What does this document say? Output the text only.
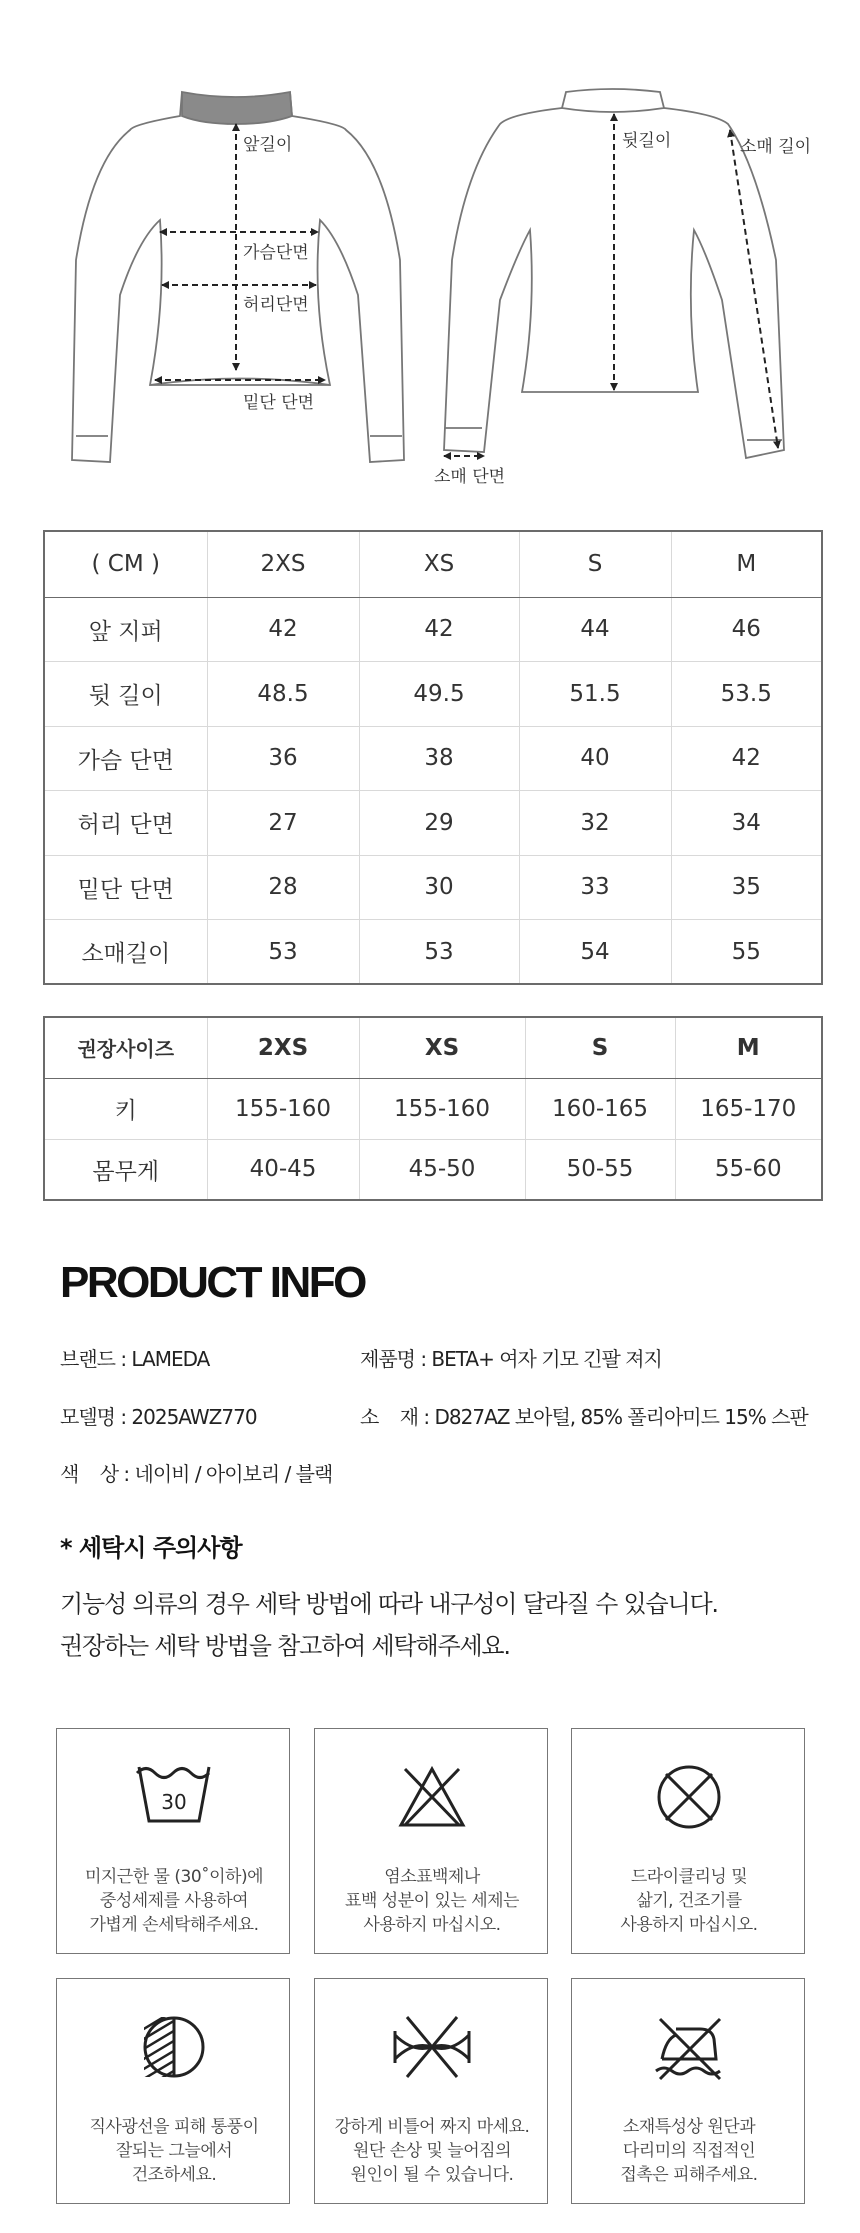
앞길이
가슴단면
허리단면
밑단 단면
뒷길이	소매 길이
소매 단면
( CM )	2XS	XS	S	M
앞 지퍼	42	42	44	46
뒷 길이	48.5	49.5	51.5	53.5
가슴 단면	36	38	40	42
허리 단면	27	29	32	34
밑단 단면	28	30	33	35
소매길이	53	53	54	55
권장사이즈	2XS	XS	S	M
키	155-160	155-160	160-165	165-170
몸무게	40-45	45-50	50-55	55-60
PRODUCT INFO
브랜드 : LAMEDA	제품명 : BETA+ 여자 기모 긴팔 져지
모델명 : 2025AWZ770	소    재 : D827AZ 보아털, 85% 폴리아미드 15% 스판
색    상 : 네이비 / 아이보리 / 블랙
* 세탁시 주의사항
기능성 의류의 경우 세탁 방법에 따라 내구성이 달라질 수 있습니다.
권장하는 세탁 방법을 참고하여 세탁해주세요.
30
미지근한 물 (30˚이하)에
중성세제를 사용하여
가볍게 손세탁해주세요.
염소표백제나
표백 성분이 있는 세제는
사용하지 마십시오.
드라이클리닝 및
삶기, 건조기를
사용하지 마십시오.
직사광선을 피해 통풍이
잘되는 그늘에서
건조하세요.
강하게 비틀어 짜지 마세요.
원단 손상 및 늘어짐의
원인이 될 수 있습니다.
소재특성상 원단과
다리미의 직접적인
접촉은 피해주세요.
